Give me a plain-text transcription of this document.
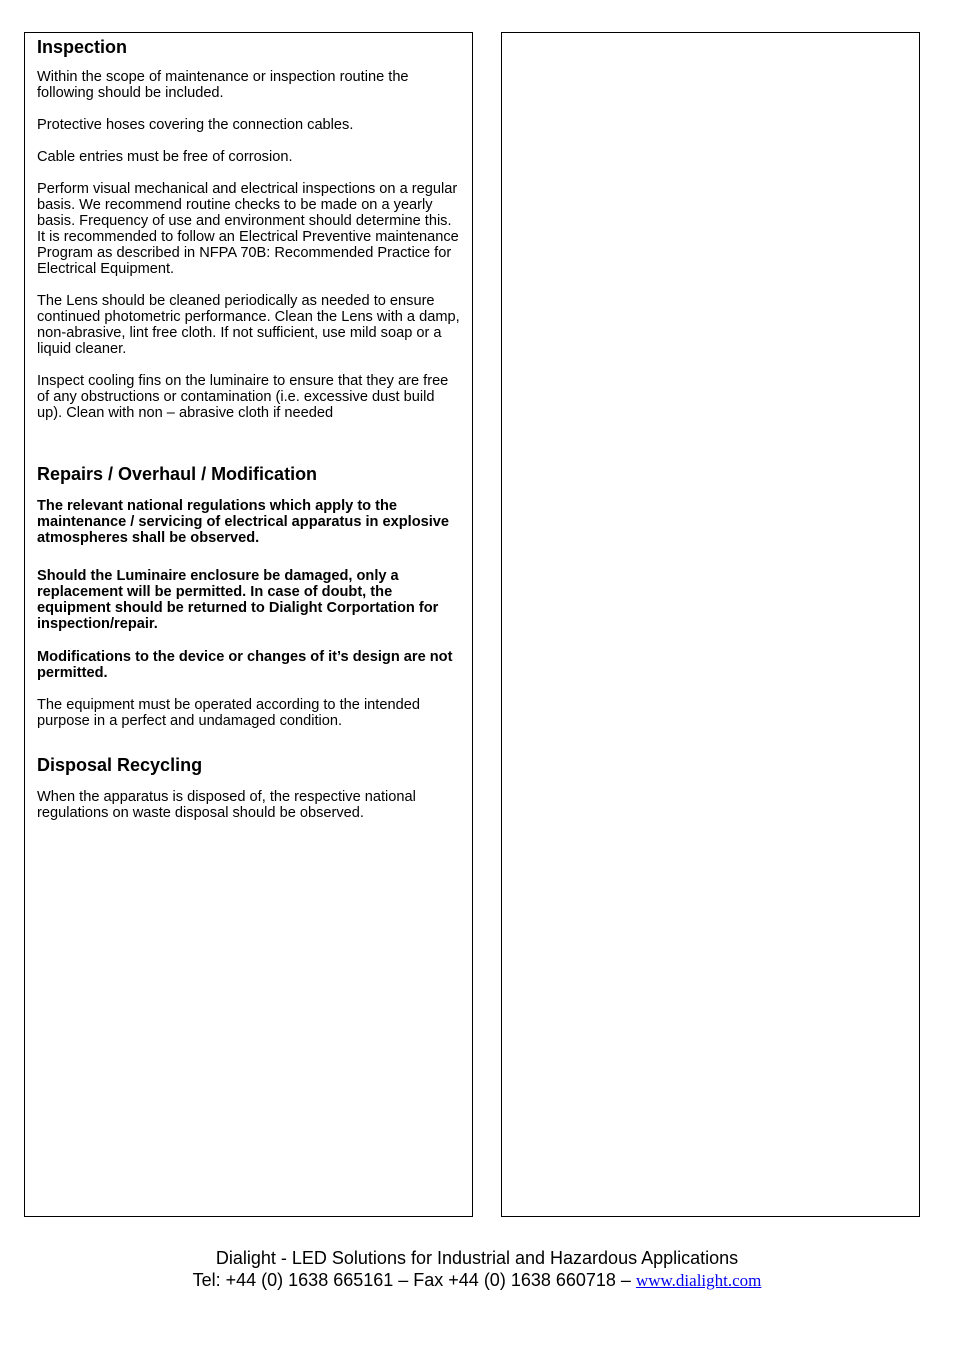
Inspection

Within the scope of maintenance or inspection routine the following should be included.

Protective hoses covering the connection cables.

Cable entries must be free of corrosion.

Perform visual mechanical and electrical inspections on a regular basis. We recommend routine checks to be made on a yearly basis. Frequency of use and environment should determine this. It is recommended to follow an Electrical Preventive maintenance Program as described in NFPA 70B: Recommended Practice for Electrical Equipment.

The Lens should be cleaned periodically as needed to ensure continued photometric performance. Clean the Lens with a damp, non-abrasive, lint free cloth. If not sufficient, use mild soap or a liquid cleaner.

Inspect cooling fins on the luminaire to ensure that they are free of any obstructions or contamination (i.e. excessive dust build up). Clean with non – abrasive cloth if needed

Repairs / Overhaul / Modification

The relevant national regulations which apply to the maintenance / servicing of electrical apparatus in explosive atmospheres shall be observed.

Should the Luminaire enclosure be damaged, only a replacement will be permitted. In case of doubt, the equipment should be returned to Dialight Corportation for inspection/repair.

Modifications to the device or changes of it’s design are not permitted.

The equipment must be operated according to the intended purpose in a perfect and undamaged condition.

Disposal Recycling

When the apparatus is disposed of, the respective national regulations on waste disposal should be observed.

Dialight - LED Solutions for Industrial and Hazardous Applications
Tel: +44 (0) 1638 665161 – Fax +44 (0) 1638 660718 – www.dialight.com
